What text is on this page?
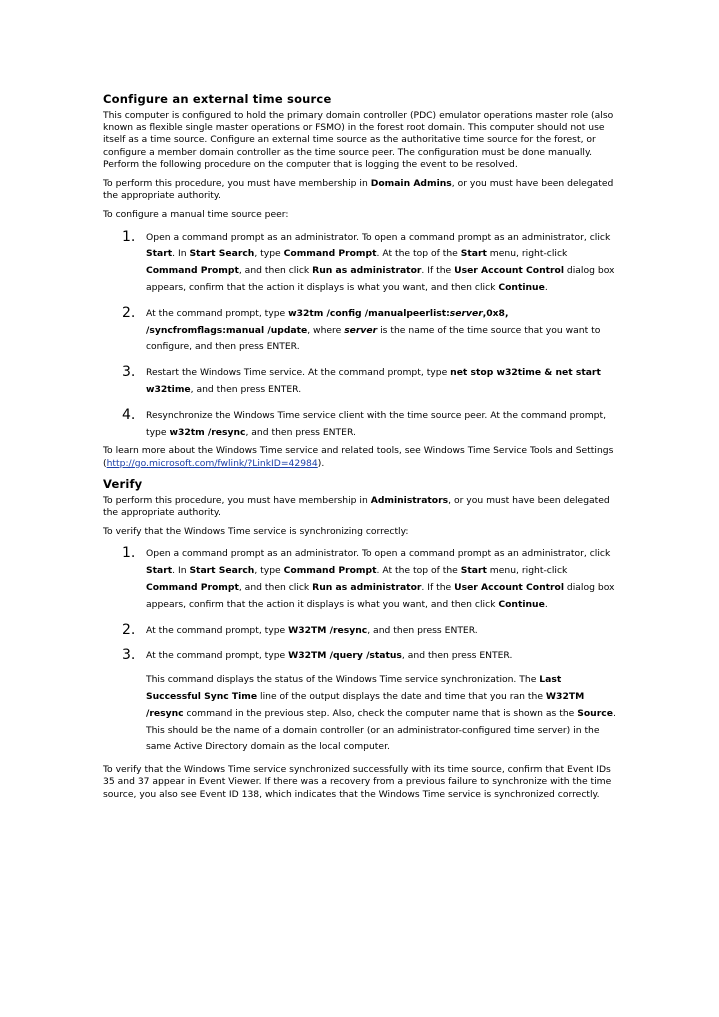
Configure an external time source

This computer is configured to hold the primary domain controller (PDC) emulator operations master role (also known as flexible single master operations or FSMO) in the forest root domain. This computer should not use itself as a time source. Configure an external time source as the authoritative time source for the forest, or configure a member domain controller as the time source peer. The configuration must be done manually. Perform the following procedure on the computer that is logging the event to be resolved.

To perform this procedure, you must have membership in Domain Admins, or you must have been delegated the appropriate authority.

To configure a manual time source peer:

1. Open a command prompt as an administrator. To open a command prompt as an administrator, click Start. In Start Search, type Command Prompt. At the top of the Start menu, right-click Command Prompt, and then click Run as administrator. If the User Account Control dialog box appears, confirm that the action it displays is what you want, and then click Continue.
2. At the command prompt, type w32tm /config /manualpeerlist:server,0x8, /syncfromflags:manual /update, where server is the name of the time source that you want to configure, and then press ENTER.
3. Restart the Windows Time service. At the command prompt, type net stop w32time & net start w32time, and then press ENTER.
4. Resynchronize the Windows Time service client with the time source peer. At the command prompt, type w32tm /resync, and then press ENTER.

To learn more about the Windows Time service and related tools, see Windows Time Service Tools and Settings (http://go.microsoft.com/fwlink/?LinkID=42984).

Verify

To perform this procedure, you must have membership in Administrators, or you must have been delegated the appropriate authority.

To verify that the Windows Time service is synchronizing correctly:

1. Open a command prompt as an administrator. To open a command prompt as an administrator, click Start. In Start Search, type Command Prompt. At the top of the Start menu, right-click Command Prompt, and then click Run as administrator. If the User Account Control dialog box appears, confirm that the action it displays is what you want, and then click Continue.
2. At the command prompt, type W32TM /resync, and then press ENTER.
3. At the command prompt, type W32TM /query /status, and then press ENTER.
This command displays the status of the Windows Time service synchronization. The Last Successful Sync Time line of the output displays the date and time that you ran the W32TM /resync command in the previous step. Also, check the computer name that is shown as the Source. This should be the name of a domain controller (or an administrator-configured time server) in the same Active Directory domain as the local computer.

To verify that the Windows Time service synchronized successfully with its time source, confirm that Event IDs 35 and 37 appear in Event Viewer. If there was a recovery from a previous failure to synchronize with the time source, you also see Event ID 138, which indicates that the Windows Time service is synchronized correctly.
